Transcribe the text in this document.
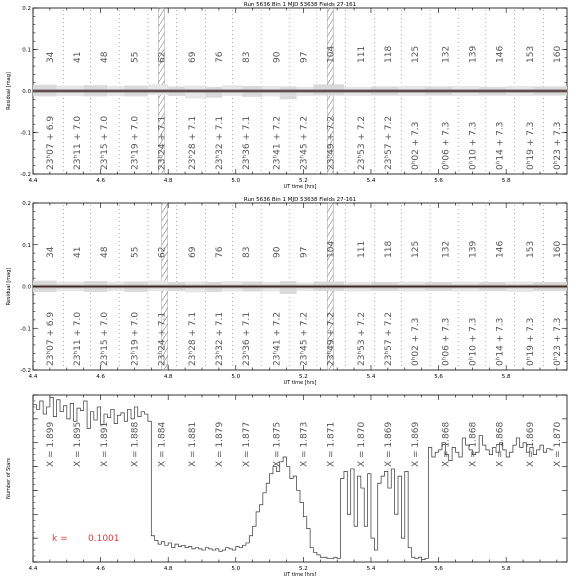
Run 5636 Bin 1 MJD 53638 Fields 27-161
-0.2
-0.1
0.0
0.1
0.2
Residual [mag]
34 41 48 55 62 69 76 83 90 97 104 111 118 125 132 139 146 153 160
23ʰ07 + 6.9 23ʰ11 + 7.0 23ʰ15 + 7.0 23ʰ19 + 7.0 23ʰ24 + 7.1 23ʰ28 + 7.1 23ʰ32 + 7.1 23ʰ36 + 7.1 23ʰ41 + 7.2 23ʰ45 + 7.2 23ʰ49 + 7.2 23ʰ53 + 7.2 23ʰ57 + 7.2 0ʰ02 + 7.3 0ʰ06 + 7.3 0ʰ10 + 7.3 0ʰ14 + 7.3 0ʰ19 + 7.3 0ʰ23 + 7.3
4.4	4.6	4.8	5.0	5.2	5.4	5.6	5.8
UT time [hrs]
Run 5636 Bin 1 MJD 53638 Fields 27-161
-0.2
-0.1
0.0
0.1
0.2
Residual [mag]
34 41 48 55 62 69 76 83 90 97 104 111 118 125 132 139 146 153 160
23ʰ07 + 6.9 23ʰ11 + 7.0 23ʰ15 + 7.0 23ʰ19 + 7.0 23ʰ24 + 7.1 23ʰ28 + 7.1 23ʰ32 + 7.1 23ʰ36 + 7.1 23ʰ41 + 7.2 23ʰ45 + 7.2 23ʰ49 + 7.2 23ʰ53 + 7.2 23ʰ57 + 7.2 0ʰ02 + 7.3 0ʰ06 + 7.3 0ʰ10 + 7.3 0ʰ14 + 7.3 0ʰ19 + 7.3 0ʰ23 + 7.3
4.4	4.6	4.8	5.0	5.2	5.4	5.6	5.8
UT time [hrs]
Number of Stars
X = 1.899 X = 1.895 X = 1.891 X = 1.888 X = 1.884 X = 1.881 X = 1.879 X = 1.877 X = 1.875 X = 1.873 X = 1.871 X = 1.870 X = 1.869 X = 1.869 X = 1.868 X = 1.868 X = 1.868 X = 1.869 X = 1.870
k = 0.1001
4.4	4.6	4.8	5.0	5.2	5.4	5.6	5.8
UT time [hrs]
